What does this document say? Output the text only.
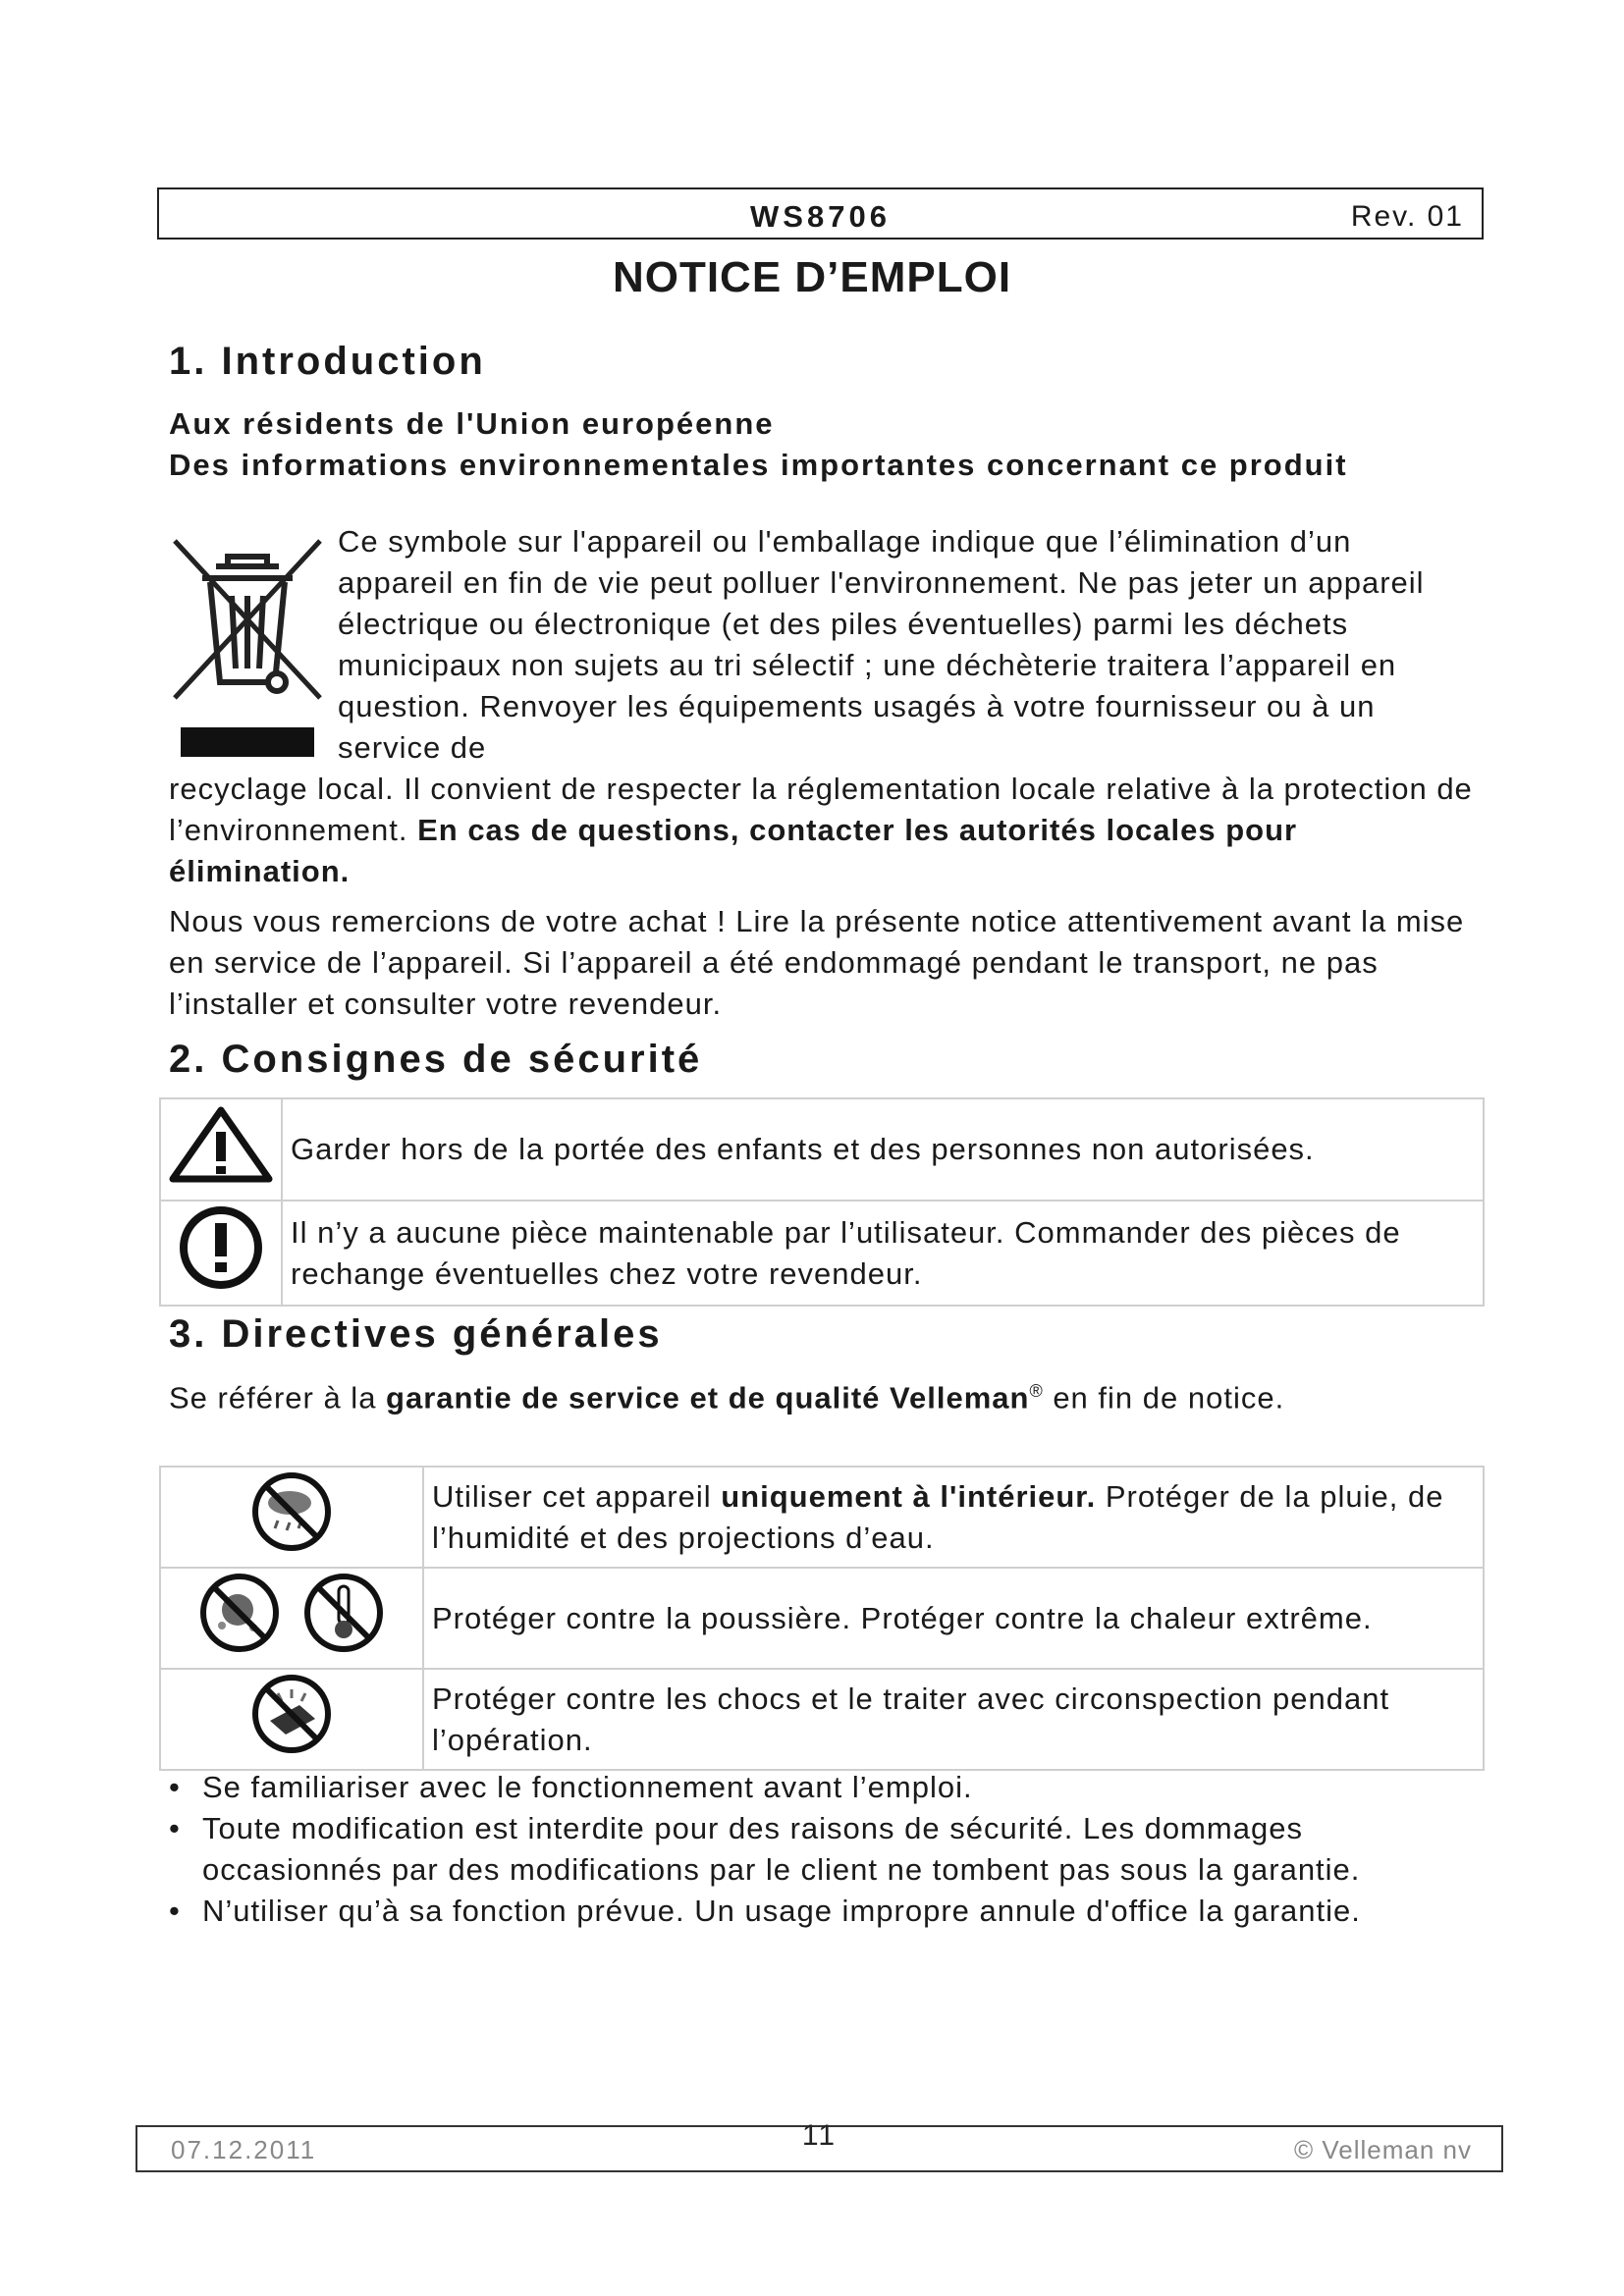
WS8706	Rev. 01
NOTICE D’EMPLOI
1. Introduction
Aux résidents de l'Union européenne
Des informations environnementales importantes concernant ce produit
Ce symbole sur l'appareil ou l'emballage indique que l’élimination d’un appareil en fin de vie peut polluer l'environnement. Ne pas jeter un appareil électrique ou électronique (et des piles éventuelles) parmi les déchets municipaux non sujets au tri sélectif ; une déchèterie traitera l’appareil en question. Renvoyer les équipements usagés à votre fournisseur ou à un service de
recyclage local. Il convient de respecter la réglementation locale relative à la protection de l’environnement. En cas de questions, contacter les autorités locales pour élimination.
Nous vous remercions de votre achat ! Lire la présente notice attentivement avant la mise en service de l’appareil. Si l’appareil a été endommagé pendant le transport, ne pas l’installer et consulter votre revendeur.
2. Consignes de sécurité
	Garder hors de la portée des enfants et des personnes non autorisées.
	Il n’y a aucune pièce maintenable par l’utilisateur. Commander des pièces de rechange éventuelles chez votre revendeur.
3. Directives générales
Se référer à la garantie de service et de qualité Velleman® en fin de notice.
	Utiliser cet appareil uniquement à l'intérieur. Protéger de la pluie, de l’humidité et des projections d’eau.
	Protéger contre la poussière. Protéger contre la chaleur extrême.
	Protéger contre les chocs et le traiter avec circonspection pendant l’opération.
• Se familiariser avec le fonctionnement avant l’emploi.
• Toute modification est interdite pour des raisons de sécurité. Les dommages occasionnés par des modifications par le client ne tombent pas sous la garantie.
• N’utiliser qu’à sa fonction prévue. Un usage impropre annule d'office la garantie.
07.12.2011	11	© Velleman nv
